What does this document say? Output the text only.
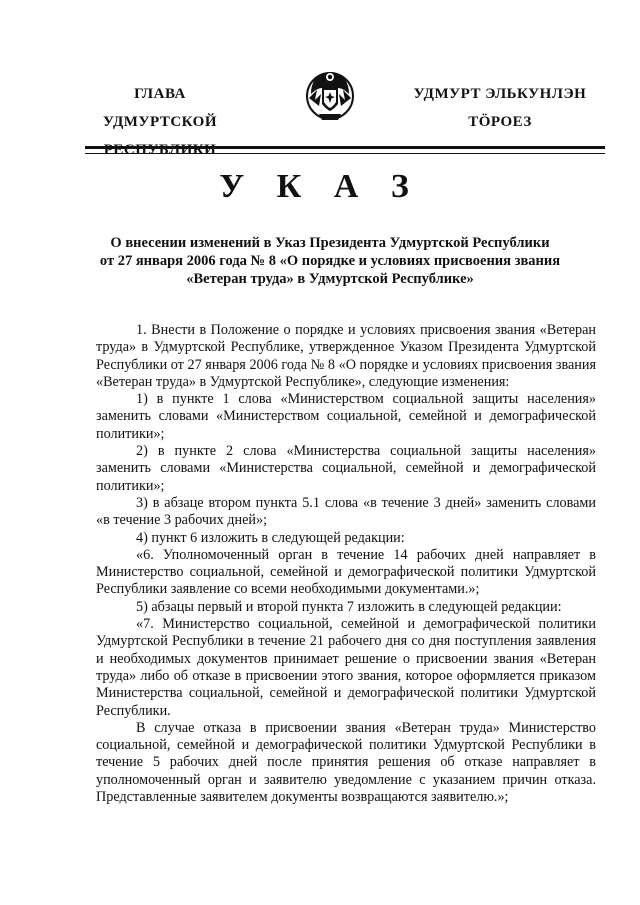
ГЛАВА
УДМУРТСКОЙ РЕСПУБЛИКИ
УДМУРТ ЭЛЬКУНЛЭН
ТӦРОЕЗ
У К А З
О внесении изменений в Указ Президента Удмуртской Республики
от 27 января 2006 года № 8 «О порядке и условиях присвоения звания
«Ветеран труда» в Удмуртской Республике»

1. Внести в Положение о порядке и условиях присвоения звания «Ветеран труда» в Удмуртской Республике, утвержденное Указом Президента Удмуртской Республики от 27 января 2006 года № 8 «О порядке и условиях присвоения звания «Ветеран труда» в Удмуртской Республике», следующие изменения:

1) в пункте 1 слова «Министерством социальной защиты населения» заменить словами «Министерством социальной, семейной и демографической политики»;

2) в пункте 2 слова «Министерства социальной защиты населения» заменить словами «Министерства социальной, семейной и демографической политики»;

3) в абзаце втором пункта 5.1 слова «в течение 3 дней» заменить словами «в течение 3 рабочих дней»;

4) пункт 6 изложить в следующей редакции:

«6. Уполномоченный орган в течение 14 рабочих дней направляет в Министерство социальной, семейной и демографической политики Удмуртской Республики заявление со всеми необходимыми документами.»;

5) абзацы первый и второй пункта 7 изложить в следующей редакции:

«7. Министерство социальной, семейной и демографической политики Удмуртской Республики в течение 21 рабочего дня со дня поступления заявления и необходимых документов принимает решение о присвоении звания «Ветеран труда» либо об отказе в присвоении этого звания, которое оформляется приказом Министерства социальной, семейной и демографической политики Удмуртской Республики.

В случае отказа в присвоении звания «Ветеран труда» Министерство социальной, семейной и демографической политики Удмуртской Республики в течение 5 рабочих дней после принятия решения об отказе направляет в уполномоченный орган и заявителю уведомление с указанием причин отказа. Представленные заявителем документы возвращаются заявителю.»;
